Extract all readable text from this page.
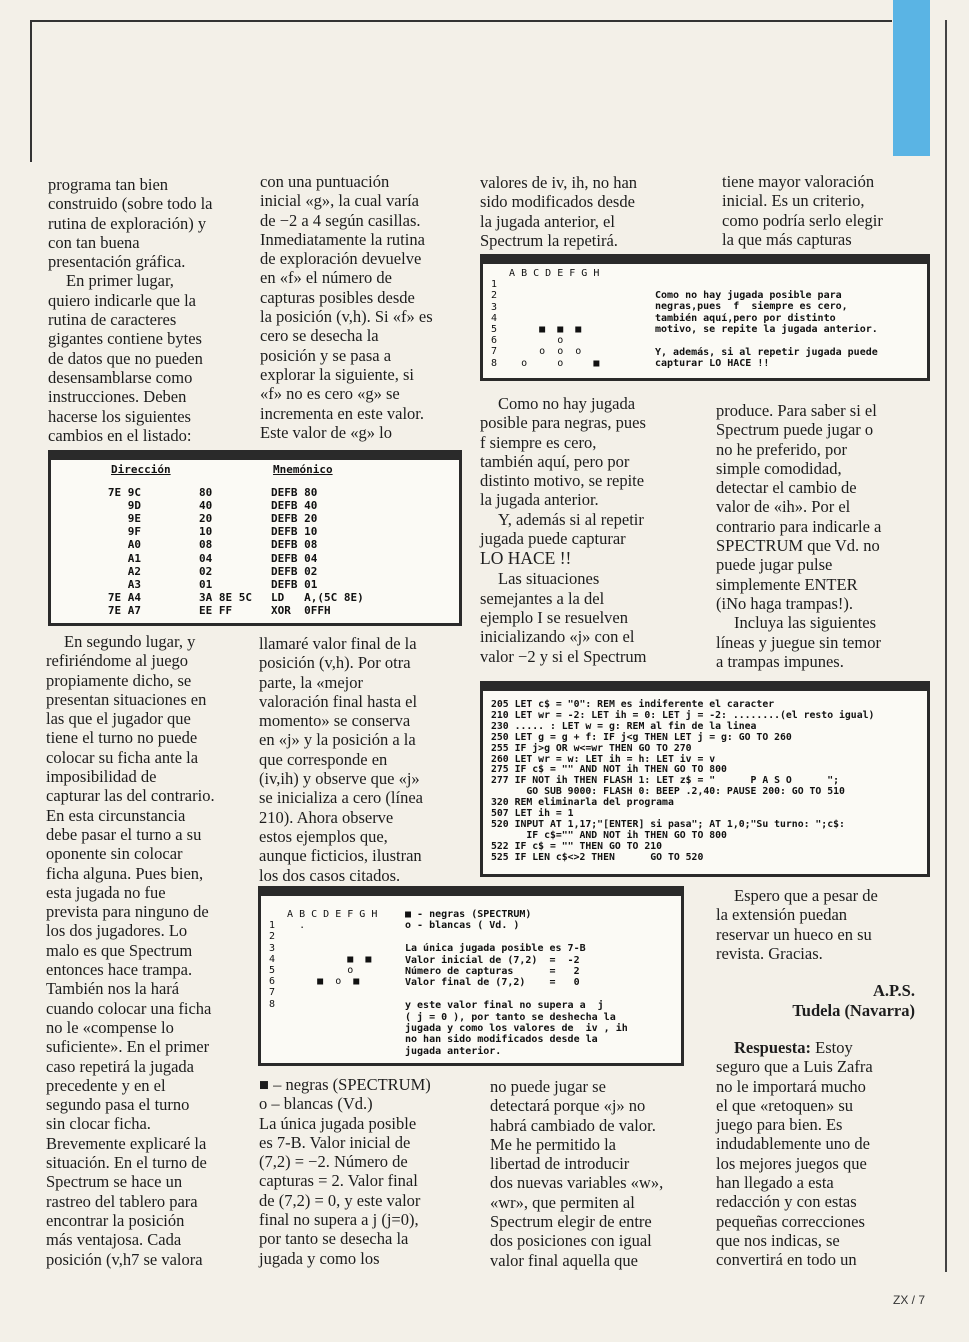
programa tan bien
construido (sobre todo la
rutina de exploración) y
con tan buena
presentación gráfica.

En primer lugar,
quiero indicarle que la
rutina de caracteres
gigantes contiene bytes
de datos que no pueden
desensamblarse como
instrucciones. Deben
hacerse los siguientes
cambios en el listado:

con una puntuación
inicial «g», la cual varía
de −2 a 4 según casillas.
Inmediatamente la rutina
de exploración devuelve
en «f» el número de
capturas posibles desde
la posición (v,h). Si «f» es
cero se desecha la
posición y se pasa a
explorar la siguiente, si
«f» no es cero «g» se
incrementa en este valor.
Este valor de «g» lo

valores de iv, ih, no han
sido modificados desde
la jugada anterior, el
Spectrum la repetirá.

tiene mayor valoración
inicial. Es un criterio,
como podría serlo elegir
la que más capturas

A B C D E F G H
1
2
3
4
5       ■  ■  ■
6          o
7       o  o  o
8    o     o     ■
Como no hay jugada posible para
negras,pues  f  siempre es cero,
también aquí,pero por distinto
motivo, se repite la jugada anterior.

Y, además, si al repetir jugada puede
capturar LO HACE !!
Dirección	Mnemónico
7E 9C	80	DEFB 80
9D	40	DEFB 40
9E	20	DEFB 20
9F	10	DEFB 10
A0	08	DEFB 08
A1	04	DEFB 04
A2	02	DEFB 02
A3	01	DEFB 01
7E A4	3A 8E 5C LD   A,(5C 8E)
7E A7	EE FF	XOR  0FFH

En segundo lugar, y
refiriéndome al juego
propiamente dicho, se
presentan situaciones en
las que el jugador que
tiene el turno no puede
colocar su ficha ante la
imposibilidad de
capturar las del contrario.
En esta circunstancia
debe pasar el turno a su
oponente sin colocar
ficha alguna. Pues bien,
esta jugada no fue
prevista para ninguno de
los dos jugadores. Lo
malo es que Spectrum
entonces hace trampa.
También nos la hará
cuando colocar una ficha
no le «compense lo
suficiente». En el primer
caso repetirá la jugada
precedente y en el
segundo pasa el turno
sin clocar ficha.
Brevemente explicaré la
situación. En el turno de
Spectrum se hace un
rastreo del tablero para
encontrar la posición
más ventajosa. Cada
posición (v,h7 se valora

llamaré valor final de la
posición (v,h). Por otra
parte, la «mejor
valoración final hasta el
momento» se conserva
en «j» y la posición a la
que corresponde en
(iv,ih) y observe que «j»
se inicializa a cero (línea
210). Ahora observe
estos ejemplos que,
aunque ficticios, ilustran
los dos casos citados.

Como no hay jugada
posible para negras, pues
f siempre es cero,
también aquí, pero por
distinto motivo, se repite
la jugada anterior.

Y, además si al repetir
jugada puede capturar

LO HACE !!

Las situaciones
semejantes a la del
ejemplo I se resuelven
inicializando «j» con el
valor −2 y si el Spectrum

produce. Para saber si el
Spectrum puede jugar o
no he preferido, por
simple comodidad,
detectar el cambio de
valor de «ih». Por el
contrario para indicarle a
SPECTRUM que Vd. no
puede jugar pulse
simplemente ENTER
(iNo haga trampas!).

Incluya las siguientes
líneas y juegue sin temor
a trampas impunes.

205 LET c$ = "0": REM es indiferente el caracter
210 LET wr = -2: LET ih = 0: LET j = -2: ........(el resto igual)
230 ..... : LET w = g: REM al fin de la linea
250 LET g = g + f: IF j<g THEN LET j = g: GO TO 260
255 IF j>g OR w<=wr THEN GO TO 270
260 LET wr = w: LET ih = h: LET iv = v
275 IF c$ = "" AND NOT ih THEN GO TO 800
277 IF NOT ih THEN FLASH 1: LET z$ = "      P A S O      ";
GO SUB 9000: FLASH 0: BEEP .2,40: PAUSE 200: GO TO 510
320 REM eliminarla del programa
507 LET ih = 1
520 INPUT AT 1,17;"[ENTER] si pasa"; AT 1,0;"Su turno: ";c$:
IF c$="" AND NOT ih THEN GO TO 800
522 IF c$ = "" THEN GO TO 210
525 IF LEN c$<>2 THEN      GO TO 520
A B C D E F G H
1    .
2
3
4            ■  ■
5            o
6       ■  o  ■
7
8
■ - negras (SPECTRUM)
o - blancas ( Vd. )

La única jugada posible es 7-B
Valor inicial de (7,2)  =  -2
Número de capturas      =   2
Valor final de (7,2)    =   0

y este valor final no supera a  j
( j = 0 ), por tanto se deshecha la
jugada y como los valores de  iv , ih
no han sido modificados desde la
jugada anterior.

Espero que a pesar de
la extensión puedan
reservar un hueco en su
revista. Gracias.

A.P.S.
Tudela (Navarra)

Respuesta: Estoy
seguro que a Luis Zafra
no le importará mucho
el que «retoquen» su
juego para bien. Es
indudablemente uno de
los mejores juegos que
han llegado a esta
redacción y con estas
pequeñas correcciones
que nos indicas, se
convertirá en todo un

■ – negras (SPECTRUM)
o – blancas (Vd.)
La única jugada posible
es 7-B. Valor inicial de
(7,2) = −2. Número de
capturas = 2. Valor final
de (7,2) = 0, y este valor
final no supera a j (j=0),
por tanto se desecha la
jugada y como los

no puede jugar se
detectará porque «j» no
habrá cambiado de valor.
Me he permitido la
libertad de introducir
dos nuevas variables «w»,
«wr», que permiten al
Spectrum elegir de entre
dos posiciones con igual
valor final aquella que

ZX / 7
